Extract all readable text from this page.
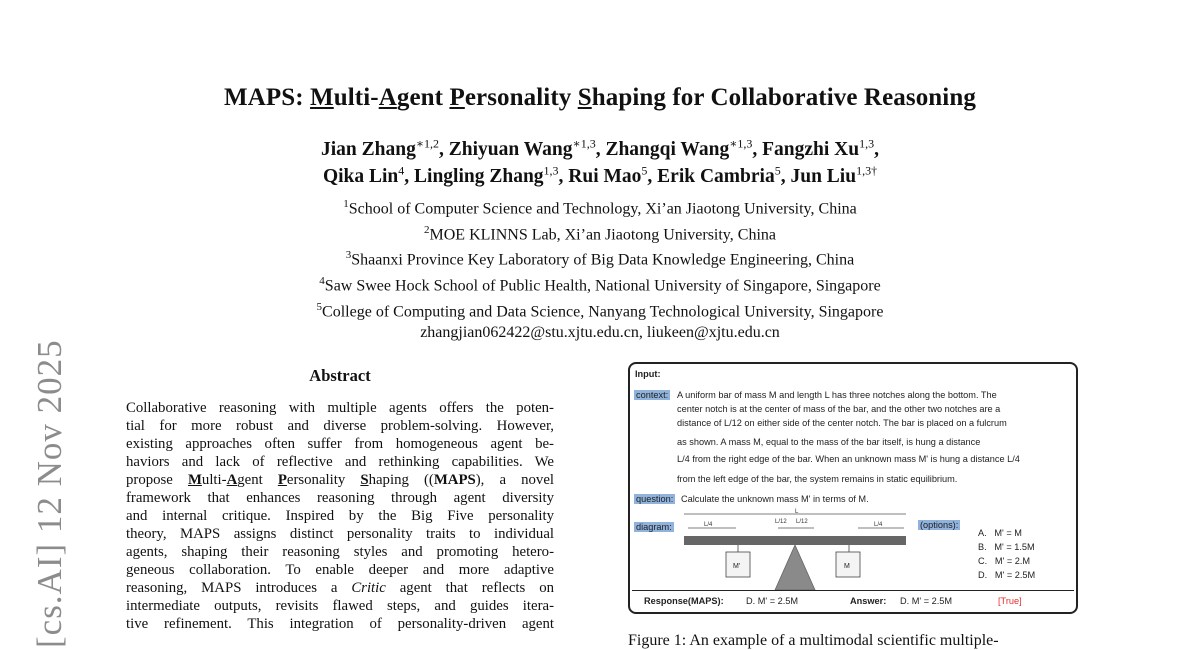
[cs.AI] 12 Nov 2025
MAPS: Multi-Agent Personality Shaping for Collaborative Reasoning
Jian Zhang$^{∗1,2}$, Zhiyuan Wang$^{∗1,3}$, Zhangqi Wang$^{∗1,3}$, Fangzhi Xu$^{1,3}$,
Qika Lin$^4$, Lingling Zhang$^{1,3}$, Rui Mao$^5$, Erik Cambria$^5$, Jun Liu$^{1,3\dagger}$
$^1$School of Computer Science and Technology, Xi’an Jiaotong University, China
$^2$MOE KLINNS Lab, Xi’an Jiaotong University, China
$^3$Shaanxi Province Key Laboratory of Big Data Knowledge Engineering, China
$^4$Saw Swee Hock School of Public Health, National University of Singapore, Singapore
$^5$College of Computing and Data Science, Nanyang Technological University, Singapore
zhangjian062422@stu.xjtu.edu.cn, liukeen@xjtu.edu.cn
Abstract
Collaborative reasoning with multiple agents offers the poten-
tial for more robust and diverse problem-solving. However,
existing approaches often suffer from homogeneous agent be-
haviors and lack of reflective and rethinking capabilities. We
propose Multi-Agent Personality Shaping ((MAPS), a novel
framework that enhances reasoning through agent diversity
and internal critique. Inspired by the Big Five personality
theory, MAPS assigns distinct personality traits to individual
agents, shaping their reasoning styles and promoting hetero-
geneous collaboration. To enable deeper and more adaptive
reasoning, MAPS introduces a Critic agent that reflects on
intermediate outputs, revisits flawed steps, and guides itera-
tive refinement. This integration of personality-driven agent
Input:
context: A uniform bar of mass M and length L has three notches along the bottom. The
center notch is at the center of mass of the bar, and the other two notches are a
distance of L/12 on either side of the center notch. The bar is placed on a fulcrum
as shown. A mass M, equal to the mass of the bar itself, is hung a distance
L/4 from the right edge of the bar. When an unknown mass M' is hung a distance L/4
from the left edge of the bar, the system remains in static equilibrium.
question: Calculate the unknown mass M' in terms of M.
diagram:
L
L/4	L/12 L/12	L/4
M'	M
(options):
A. M' = M
B. M' = 1.5M
C. M' = 2.M
D. M' = 2.5M
Response(MAPS): D. M' = 2.5M	Answer: D. M' = 2.5M	[True]
Figure 1: An example of a multimodal scientific multiple-
